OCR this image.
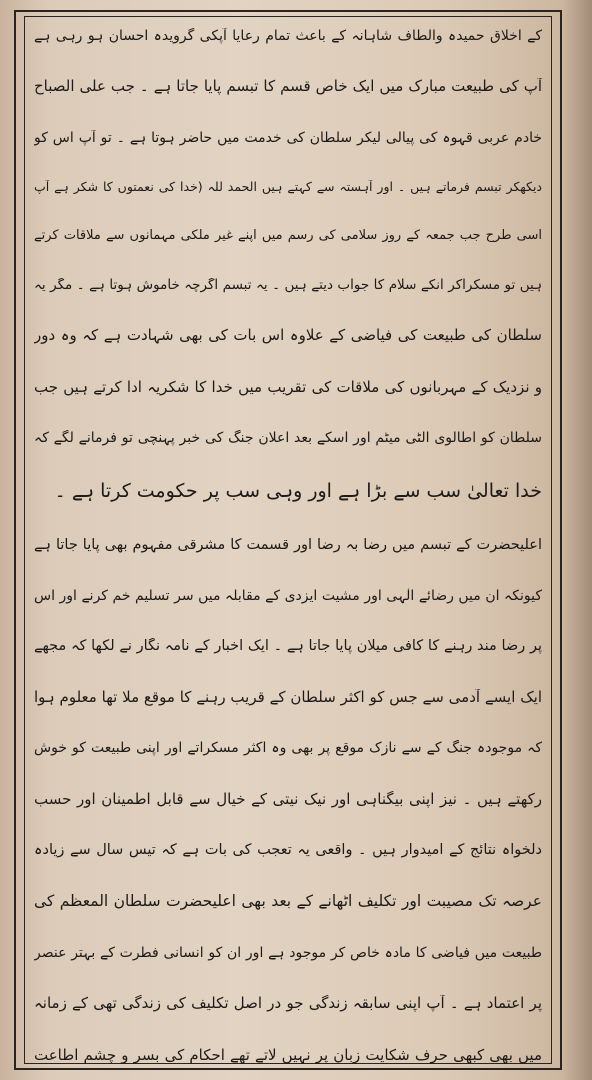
کے اخلاق حمیدہ والطاف شاہانہ کے باعث تمام رعایا آپکی گرویدہ احسان ہو رہی ہے
آپ کی طبیعت مبارک میں ایک خاص قسم کا تبسم پایا جاتا ہے ۔ جب علی الصباح
خادم عربی قہوہ کی پیالی لیکر سلطان کی خدمت میں حاضر ہوتا ہے ۔ تو آپ اس کو
دیکھکر تبسم فرماتے ہیں ۔ اور آہستہ سے کہتے ہیں الحمد للہ (خدا کی نعمتوں کا شکر ہے آپ
اسی طرح جب جمعہ کے روز سلامی کی رسم میں اپنے غیر ملکی مہمانوں سے ملاقات کرتے
ہیں تو مسکراکر انکے سلام کا جواب دیتے ہیں ۔ یہ تبسم اگرچہ خاموش ہوتا ہے ۔ مگر یہ
سلطان کی طبیعت کی فیاضی کے علاوہ اس بات کی بھی شہادت ہے کہ وہ دور
و نزدیک کے مہربانوں کی ملاقات کی تقریب میں خدا کا شکریہ ادا کرتے ہیں جب
سلطان کو اطالوی الٹی میٹم اور اسکے بعد اعلان جنگ کی خبر پہنچی تو فرمانے لگے کہ
خدا تعالیٰ سب سے بڑا ہے اور وہی سب پر حکومت کرتا ہے ۔
اعلیحضرت کے تبسم میں رضا بہ رضا اور قسمت کا مشرقی مفہوم بھی پایا جاتا ہے
کیونکہ ان میں رضائے الٰہی اور مشیت ایزدی کے مقابلہ میں سر تسلیم خم کرنے اور اس
پر رضا مند رہنے کا کافی میلان پایا جاتا ہے ۔ ایک اخبار کے نامہ نگار نے لکھا کہ مجھے
ایک ایسے آدمی سے جس کو اکثر سلطان کے قریب رہنے کا موقع ملا تھا معلوم ہوا
کہ موجودہ جنگ کے سے نازک موقع پر بھی وہ اکثر مسکراتے اور اپنی طبیعت کو خوش
رکھتے ہیں ۔ نیز اپنی بیگناہی اور نیک نیتی کے خیال سے قابل اطمینان اور حسب
دلخواہ نتائج کے امیدوار ہیں ۔ واقعی یہ تعجب کی بات ہے کہ تیس سال سے زیادہ
عرصہ تک مصیبت اور تکلیف اٹھانے کے بعد بھی اعلیحضرت سلطان المعظم کی
طبیعت میں فیاضی کا مادہ خاص کر موجود ہے اور ان کو انسانی فطرت کے بہتر عنصر
پر اعتماد ہے ۔ آپ اپنی سابقہ زندگی جو در اصل تکلیف کی زندگی تھی کے زمانہ
میں بھی کبھی حرف شکایت زبان پر نہیں لاتے تھے احکام کی بسر و چشم اطاعت
